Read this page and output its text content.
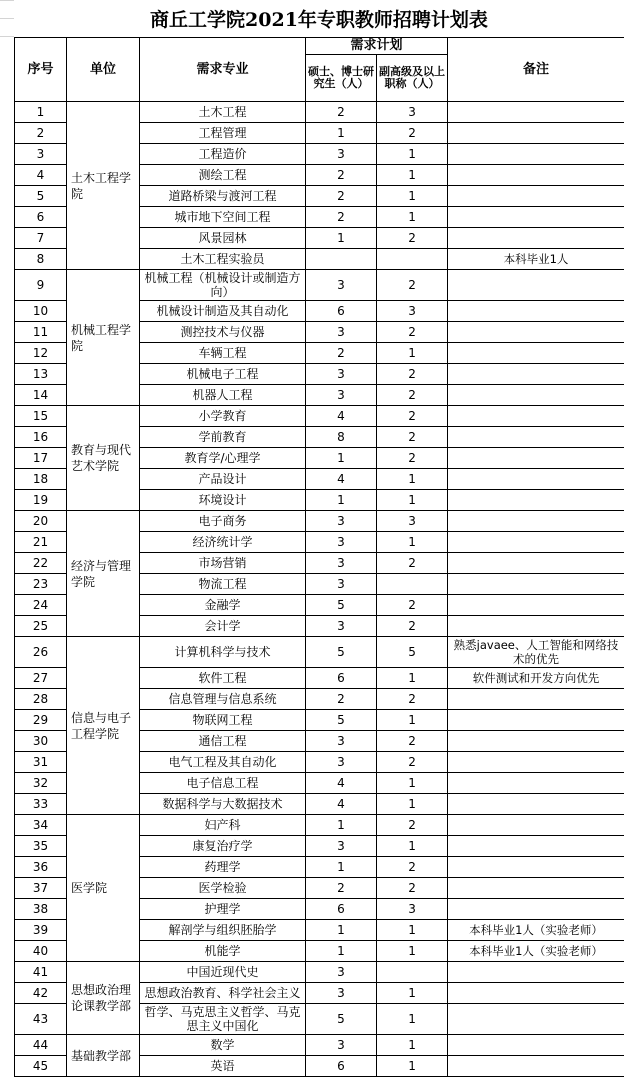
商丘工学院2021年专职教师招聘计划表
序号	单位	需求专业	需求计划		备注
			硕士、博士研究生（人）	副高级及以上职称（人）	
1	土木工程学院	土木工程	2	3	
2		工程管理	1	2	
3		工程造价	3	1	
4		测绘工程	2	1	
5		道路桥梁与渡河工程	2	1	
6		城市地下空间工程	2	1	
7		风景园林	1	2	
8		土木工程实验员			本科毕业1人
9	机械工程学院	机械工程（机械设计或制造方向）	3	2	
10		机械设计制造及其自动化	6	3	
11		测控技术与仪器	3	2	
12		车辆工程	2	1	
13		机械电子工程	3	2	
14		机器人工程	3	2	
15	教育与现代艺术学院	小学教育	4	2	
16		学前教育	8	2	
17		教育学/心理学	1	2	
18		产品设计	4	1	
19		环境设计	1	1	
20	经济与管理学院	电子商务	3	3	
21		经济统计学	3	1	
22		市场营销	3	2	
23		物流工程	3		
24		金融学	5	2	
25		会计学	3	2	
26	信息与电子工程学院	计算机科学与技术	5	5	熟悉javaee、人工智能和网络技术的优先
27		软件工程	6	1	软件测试和开发方向优先
28		信息管理与信息系统	2	2	
29		物联网工程	5	1	
30		通信工程	3	2	
31		电气工程及其自动化	3	2	
32		电子信息工程	4	1	
33		数据科学与大数据技术	4	1	
34	医学院	妇产科	1	2	
35		康复治疗学	3	1	
36		药理学	1	2	
37		医学检验	2	2	
38		护理学	6	3	
39		解剖学与组织胚胎学	1	1	本科毕业1人（实验老师）
40		机能学	1	1	本科毕业1人（实验老师）
41	思想政治理论课教学部	中国近现代史	3		
42		思想政治教育、科学社会主义	3	1	
43		哲学、马克思主义哲学、马克思主义中国化	5	1	
44	基础教学部	数学	3	1	
45		英语	6	1	
